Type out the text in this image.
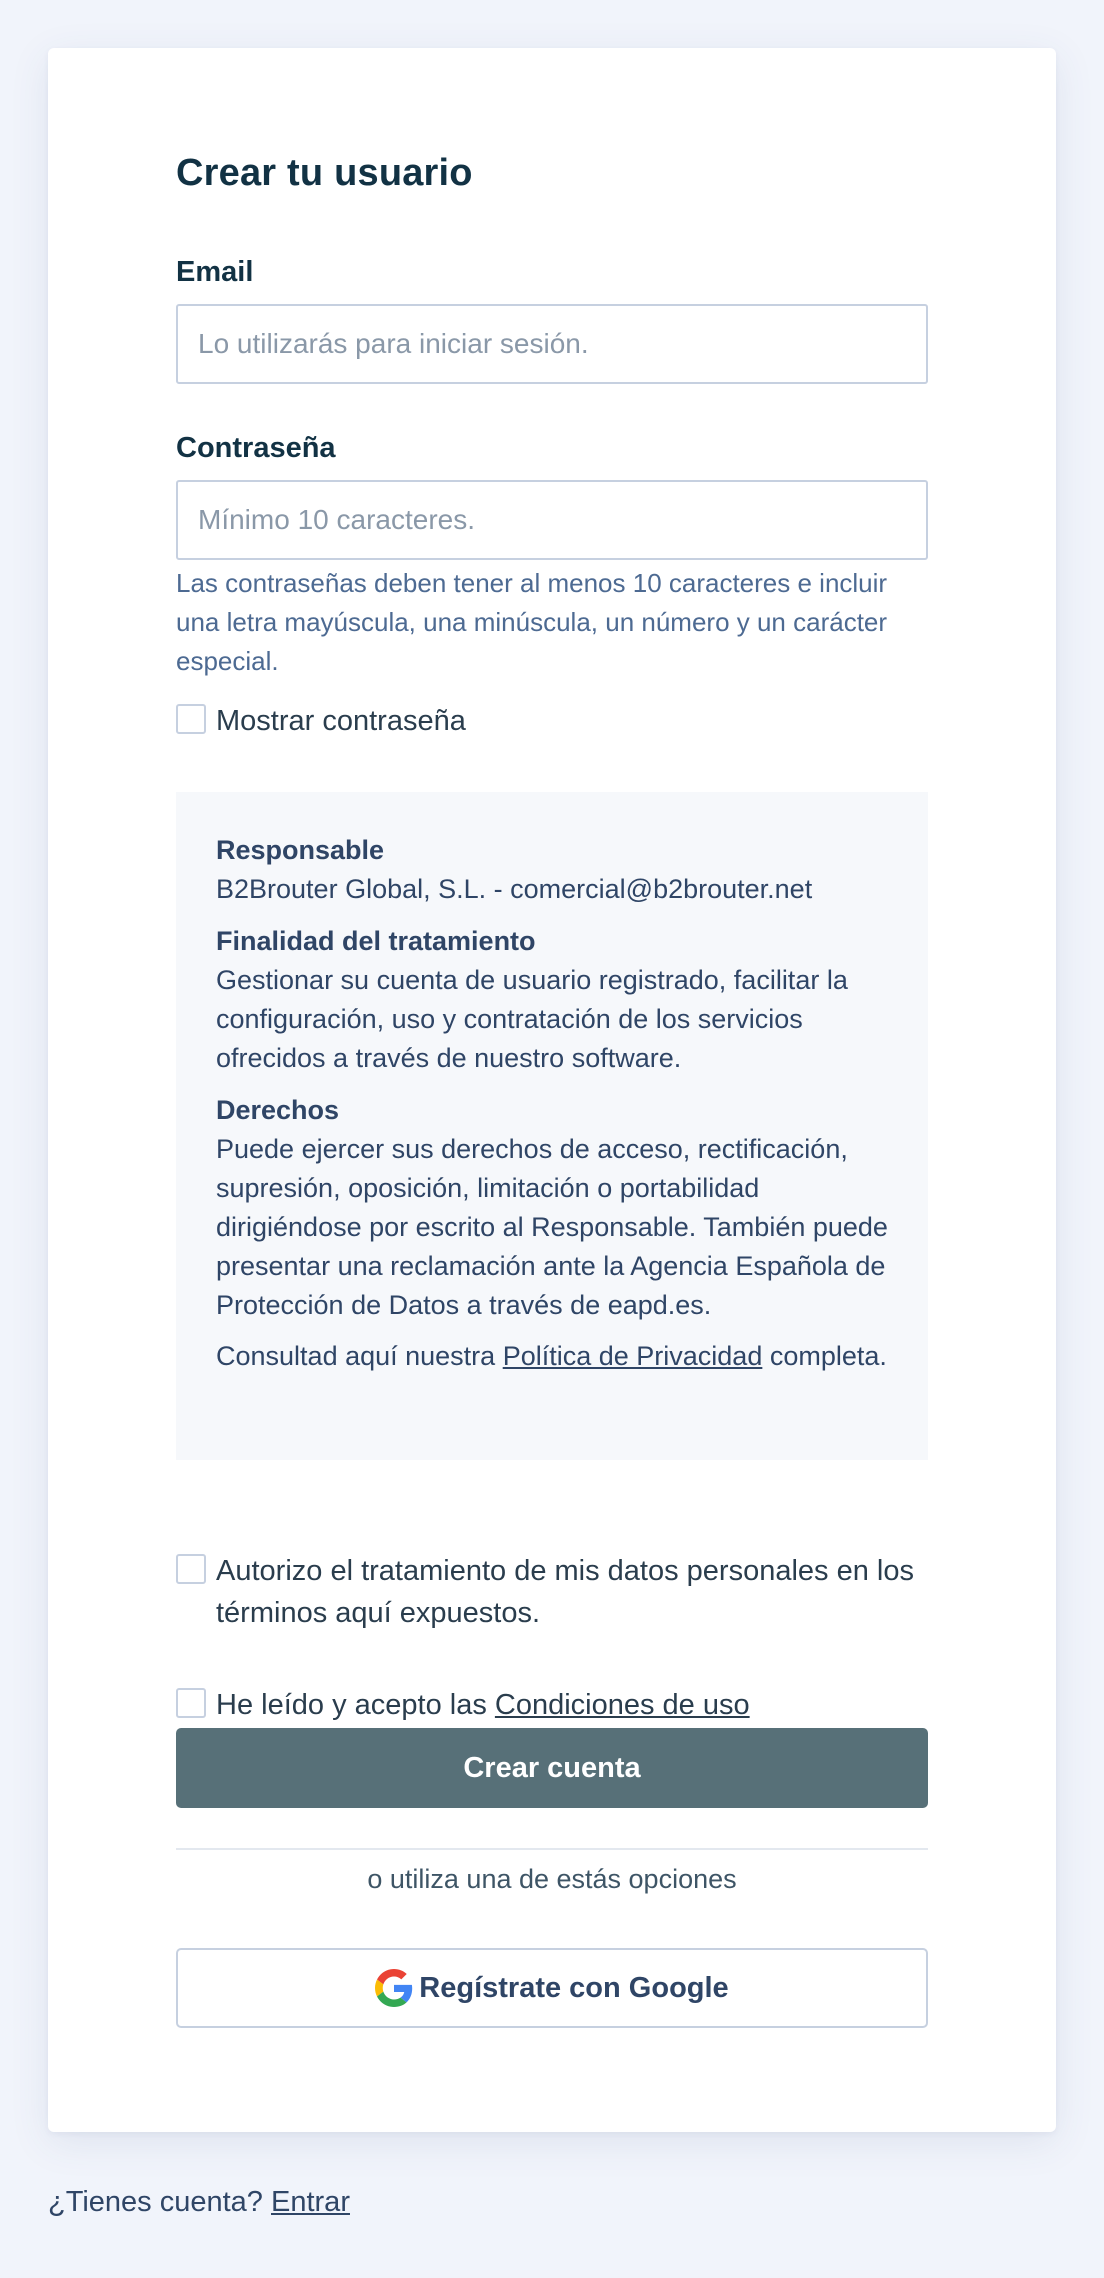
Crear tu usuario
Email
Lo utilizarás para iniciar sesión.
Contraseña

Las contraseñas deben tener al menos 10 caracteres e incluir una letra mayúscula, una minúscula, un número y un carácter especial.

Mostrar contraseña

Responsable

B2Brouter Global, S.L. - comercial@b2brouter.net

Finalidad del tratamiento

Gestionar su cuenta de usuario registrado, facilitar la configuración, uso y contratación de los servicios ofrecidos a través de nuestro software.

Derechos

Puede ejercer sus derechos de acceso, rectificación, supresión, oposición, limitación o portabilidad dirigiéndose por escrito al Responsable. También puede presentar una reclamación ante la Agencia Española de Protección de Datos a través de eapd.es.

Consultad aquí nuestra Política de Privacidad completa.

Autorizo el tratamiento de mis datos personales en los términos aquí expuestos.
He leído y acepto las Condiciones de uso
Crear cuenta
o utiliza una de estás opciones
Regístrate con Google
¿Tienes cuenta? Entrar
